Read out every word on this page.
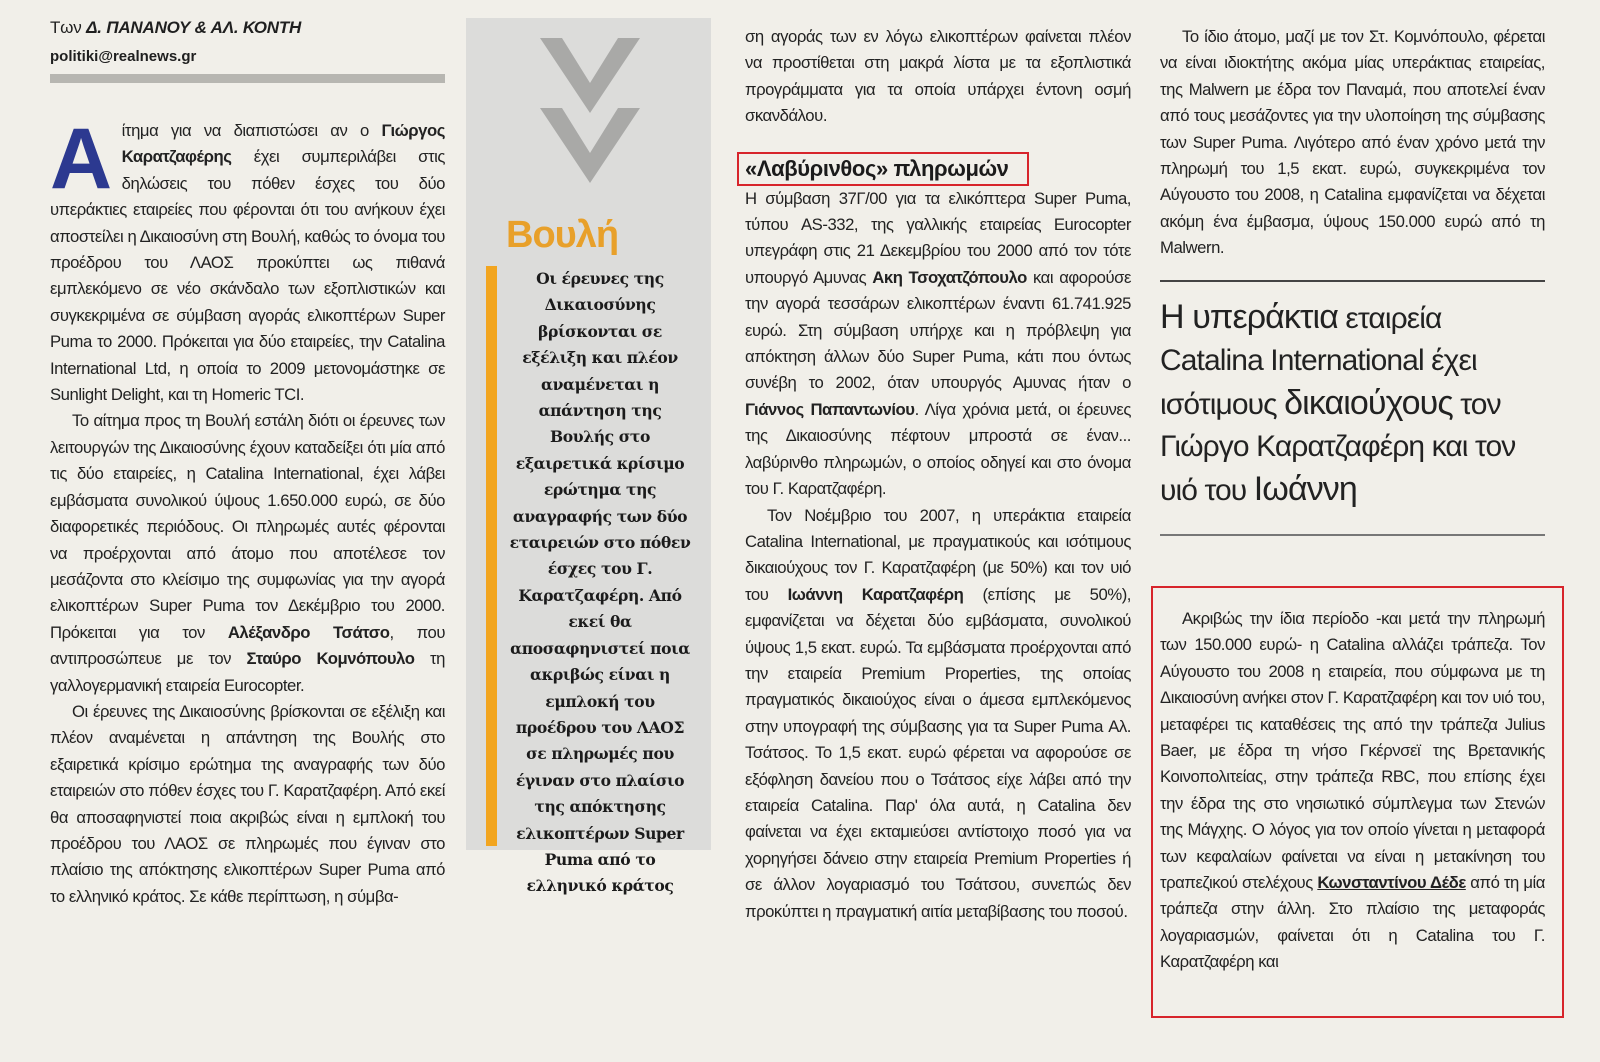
Των Δ. ΠΑΝΑΝΟΥ & ΑΛ. ΚΟΝΤΗ
politiki@realnews.gr

Αίτημα για να διαπιστώσει αν ο Γιώργος Καρατζαφέρης έχει συμπεριλάβει στις δηλώσεις του πόθεν έσχες του δύο υπεράκτιες εταιρείες που φέρονται ότι του ανήκουν έχει αποστείλει η Δικαιοσύνη στη Βουλή, καθώς το όνομα του προέδρου του ΛΑΟΣ προκύπτει ως πιθανά εμπλεκόμενο σε νέο σκάνδαλο των εξοπλιστικών και συγκεκριμένα σε σύμβαση αγοράς ελικοπτέρων Super Puma το 2000. Πρόκειται για δύο εταιρείες, την Catalina International Ltd, η οποία το 2009 μετονομάστηκε σε Sunlight Delight, και τη Homeric TCI.

Το αίτημα προς τη Βουλή εστάλη διότι οι έρευνες των λειτουργών της Δικαιοσύνης έχουν καταδείξει ότι μία από τις δύο εταιρείες, η Catalina International, έχει λάβει εμβάσματα συνολικού ύψους 1.650.000 ευρώ, σε δύο διαφορετικές περιόδους. Οι πληρωμές αυτές φέρονται να προέρχονται από άτομο που αποτέλεσε τον μεσάζοντα στο κλείσιμο της συμφωνίας για την αγορά ελικοπτέρων Super Puma τον Δεκέμβριο του 2000. Πρόκειται για τον Αλέξανδρο Τσάτσο, που αντιπροσώπευε με τον Σταύρο Κομνόπουλο τη γαλλογερμανική εταιρεία Eurocopter.

Οι έρευνες της Δικαιοσύνης βρίσκονται σε εξέλιξη και πλέον αναμένεται η απάντηση της Βουλής στο εξαιρετικά κρίσιμο ερώτημα της αναγραφής των δύο εταιρειών στο πόθεν έσχες του Γ. Καρατζαφέρη. Από εκεί θα αποσαφηνιστεί ποια ακριβώς είναι η εμπλοκή του προέδρου του ΛΑΟΣ σε πληρωμές που έγιναν στο πλαίσιο της απόκτησης ελικοπτέρων Super Puma από το ελληνικό κράτος. Σε κάθε περίπτωση, η σύμβα-

Βουλή
Οι έρευνες της Δικαιοσύνης βρίσκονται σε εξέλιξη και πλέον αναμένεται η απάντηση της Βουλής στο εξαιρετικά κρίσιμο ερώτημα της αναγραφής των δύο εταιρειών στο πόθεν έσχες του Γ. Καρατζαφέρη. Από εκεί θα αποσαφηνιστεί ποια ακριβώς είναι η εμπλοκή του προέδρου του ΛΑΟΣ σε πληρωμές που έγιναν στο πλαίσιο της απόκτησης ελικοπτέρων Super Puma από το ελληνικό κράτος

ση αγοράς των εν λόγω ελικοπτέρων φαίνεται πλέον να προστίθεται στη μακρά λίστα με τα εξοπλιστικά προγράμματα για τα οποία υπάρχει έντονη οσμή σκανδάλου.

«Λαβύρινθος» πληρωμών

Η σύμβαση 37Γ/00 για τα ελικόπτερα Super Puma, τύπου AS-332, της γαλλικής εταιρείας Eurocopter υπεγράφη στις 21 Δεκεμβρίου του 2000 από τον τότε υπουργό Αμυνας Ακη Τσοχατζόπουλο και αφορούσε την αγορά τεσσάρων ελικοπτέρων έναντι 61.741.925 ευρώ. Στη σύμβαση υπήρχε και η πρόβλεψη για απόκτηση άλλων δύο Super Puma, κάτι που όντως συνέβη το 2002, όταν υπουργός Αμυνας ήταν ο Γιάννος Παπαντωνίου. Λίγα χρόνια μετά, οι έρευνες της Δικαιοσύνης πέφτουν μπροστά σε έναν... λαβύρινθο πληρωμών, ο οποίος οδηγεί και στο όνομα του Γ. Καρατζαφέρη.

Τον Νοέμβριο του 2007, η υπεράκτια εταιρεία Catalina International, με πραγματικούς και ισότιμους δικαιούχους τον Γ. Καρατζαφέρη (με 50%) και τον υιό του Ιωάννη Καρατζαφέρη (επίσης με 50%), εμφανίζεται να δέχεται δύο εμβάσματα, συνολικού ύψους 1,5 εκατ. ευρώ. Τα εμβάσματα προέρχονται από την εταιρεία Premium Properties, της οποίας πραγματικός δικαιούχος είναι ο άμεσα εμπλεκόμενος στην υπογραφή της σύμβασης για τα Super Puma Αλ. Τσάτσος. Το 1,5 εκατ. ευρώ φέρεται να αφορούσε σε εξόφληση δανείου που ο Τσάτσος είχε λάβει από την εταιρεία Catalina. Παρ' όλα αυτά, η Catalina δεν φαίνεται να έχει εκταμιεύσει αντίστοιχο ποσό για να χορηγήσει δάνειο στην εταιρεία Premium Properties ή σε άλλον λογαριασμό του Τσάτσου, συνεπώς δεν προκύπτει η πραγματική αιτία μεταβίβασης του ποσού.

Το ίδιο άτομο, μαζί με τον Στ. Κομνόπουλο, φέρεται να είναι ιδιοκτήτης ακόμα μίας υπεράκτιας εταιρείας, της Malwern με έδρα τον Παναμά, που αποτελεί έναν από τους μεσάζοντες για την υλοποίηση της σύμβασης των Super Puma. Λιγότερο από έναν χρόνο μετά την πληρωμή του 1,5 εκατ. ευρώ, συγκεκριμένα τον Αύγουστο του 2008, η Catalina εμφανίζεται να δέχεται ακόμη ένα έμβασμα, ύψους 150.000 ευρώ από τη Malwern.

Η υπεράκτια εταιρεία Catalina International έχει ισότιμους δικαιούχους τον Γιώργο Καρατζαφέρη και τον υιό του Ιωάννη

Ακριβώς την ίδια περίοδο -και μετά την πληρωμή των 150.000 ευρώ- η Catalina αλλάζει τράπεζα. Τον Αύγουστο του 2008 η εταιρεία, που σύμφωνα με τη Δικαιοσύνη ανήκει στον Γ. Καρατζαφέρη και τον υιό του, μεταφέρει τις καταθέσεις της από την τράπεζα Julius Baer, με έδρα τη νήσο Γκέρνσεϊ της Βρετανικής Κοινοπολιτείας, στην τράπεζα RBC, που επίσης έχει την έδρα της στο νησιωτικό σύμπλεγμα των Στενών της Μάγχης. Ο λόγος για τον οποίο γίνεται η μεταφορά των κεφαλαίων φαίνεται να είναι η μετακίνηση του τραπεζικού στελέχους Κωνσταντίνου Δέδε από τη μία τράπεζα στην άλλη. Στο πλαίσιο της μεταφοράς λογαριασμών, φαίνεται ότι η Catalina του Γ. Καρατζαφέρη και
